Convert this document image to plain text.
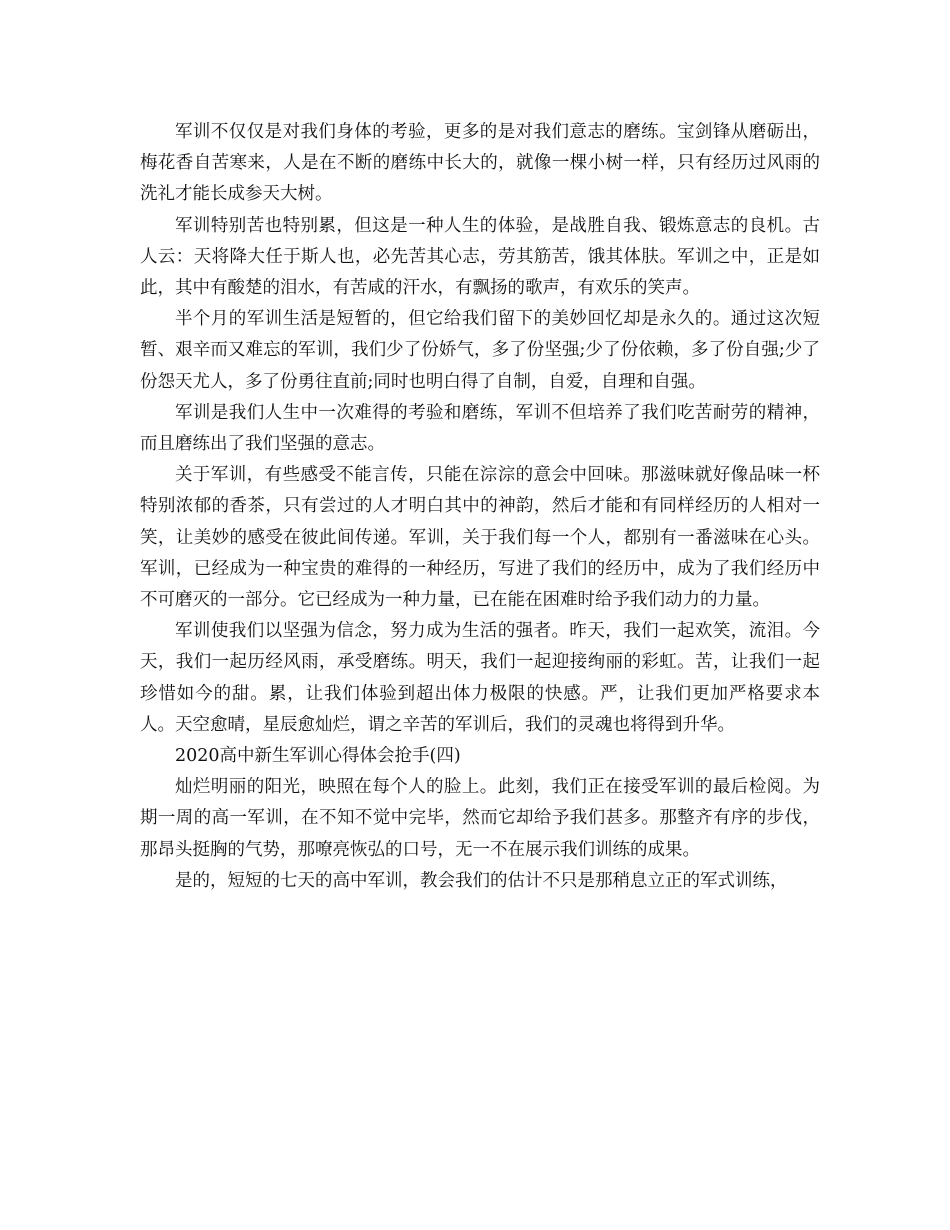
军训不仅仅是对我们身体的考验，更多的是对我们意志的磨练。宝剑锋从磨砺出，梅花香自苦寒来，人是在不断的磨练中长大的，就像一棵小树一样，只有经历过风雨的洗礼才能长成参天大树。

军训特别苦也特别累，但这是一种人生的体验，是战胜自我、锻炼意志的良机。古人云：天将降大任于斯人也，必先苦其心志，劳其筋苦，饿其体肤。军训之中，正是如此，其中有酸楚的泪水，有苦咸的汗水，有飘扬的歌声，有欢乐的笑声。

半个月的军训生活是短暂的，但它给我们留下的美妙回忆却是永久的。通过这次短暂、艰辛而又难忘的军训，我们少了份娇气，多了份坚强;少了份依赖，多了份自强;少了份怨天尤人，多了份勇往直前;同时也明白得了自制，自爱，自理和自强。

军训是我们人生中一次难得的考验和磨练，军训不但培养了我们吃苦耐劳的精神，而且磨练出了我们坚强的意志。

关于军训，有些感受不能言传，只能在淙淙的意会中回味。那滋味就好像品味一杯特别浓郁的香茶，只有尝过的人才明白其中的神韵，然后才能和有同样经历的人相对一笑，让美妙的感受在彼此间传递。军训，关于我们每一个人，都别有一番滋味在心头。军训，已经成为一种宝贵的难得的一种经历，写进了我们的经历中，成为了我们经历中不可磨灭的一部分。它已经成为一种力量，已在能在困难时给予我们动力的力量。

军训使我们以坚强为信念，努力成为生活的强者。昨天，我们一起欢笑，流泪。今天，我们一起历经风雨，承受磨练。明天，我们一起迎接绚丽的彩虹。苦，让我们一起珍惜如今的甜。累，让我们体验到超出体力极限的快感。严，让我们更加严格要求本人。天空愈晴，星辰愈灿烂，谓之辛苦的军训后，我们的灵魂也将得到升华。

2020高中新生军训心得体会抢手(四)

灿烂明丽的阳光，映照在每个人的脸上。此刻，我们正在接受军训的最后检阅。为期一周的高一军训，在不知不觉中完毕，然而它却给予我们甚多。那整齐有序的步伐，那昂头挺胸的气势，那嘹亮恢弘的口号，无一不在展示我们训练的成果。

是的，短短的七天的高中军训，教会我们的估计不只是那稍息立正的军式训练，
